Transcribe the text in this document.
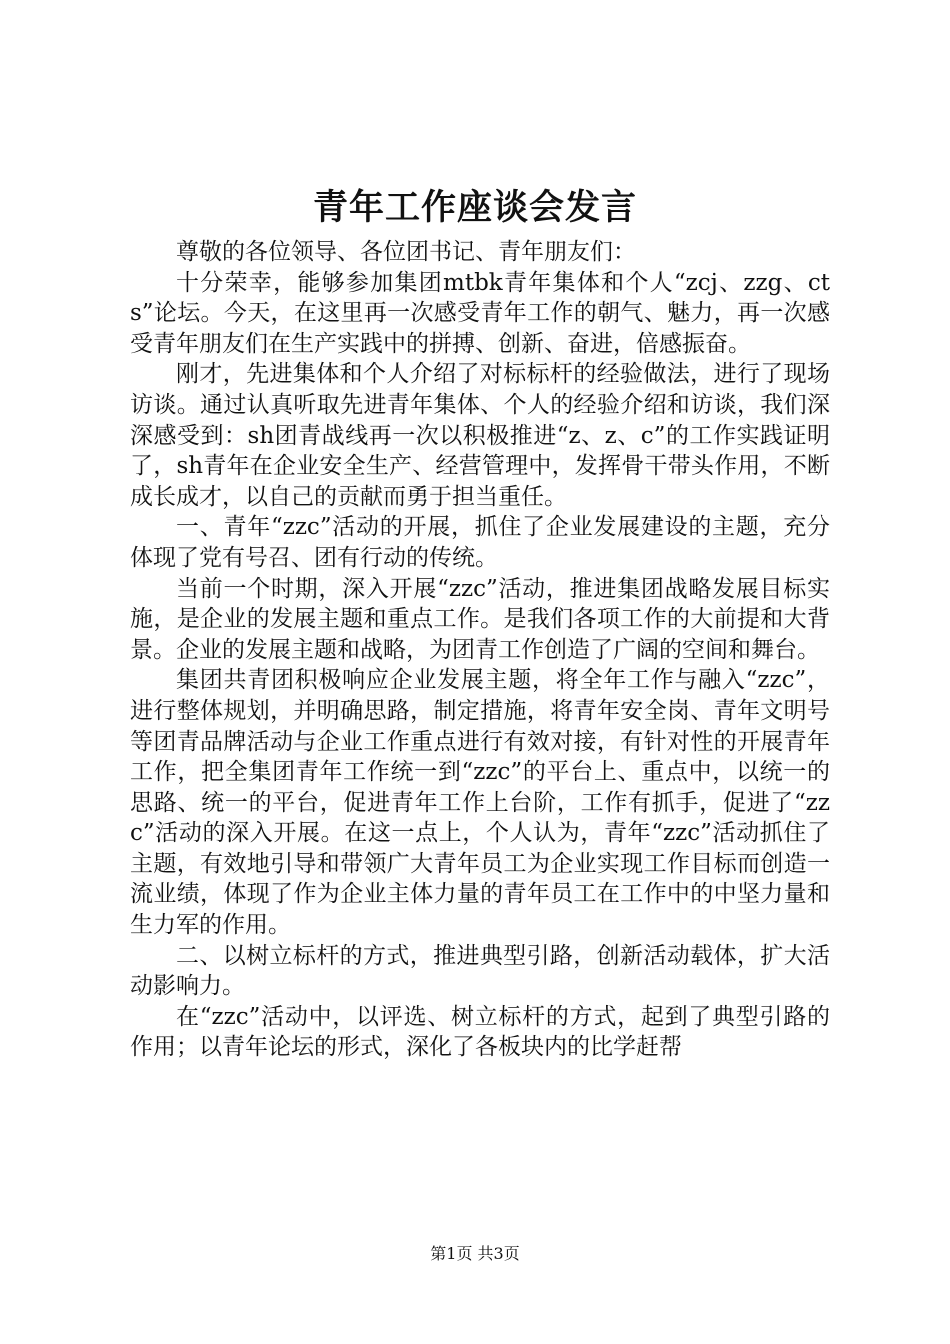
青年工作座谈会发言

尊敬的各位领导、各位团书记、青年朋友们：

十分荣幸，能够参加集团mtbk青年集体和个人“zcj、zzg、cts”论坛。今天，在这里再一次感受青年工作的朝气、魅力，再一次感受青年朋友们在生产实践中的拼搏、创新、奋进，倍感振奋。

刚才，先进集体和个人介绍了对标标杆的经验做法，进行了现场访谈。通过认真听取先进青年集体、个人的经验介绍和访谈，我们深深感受到：sh团青战线再一次以积极推进“z、z、c”的工作实践证明了，sh青年在企业安全生产、经营管理中，发挥骨干带头作用，不断成长成才，以自己的贡献而勇于担当重任。

一、青年“zzc”活动的开展，抓住了企业发展建设的主题，充分体现了党有号召、团有行动的传统。

当前一个时期，深入开展“zzc”活动，推进集团战略发展目标实施，是企业的发展主题和重点工作。是我们各项工作的大前提和大背景。企业的发展主题和战略，为团青工作创造了广阔的空间和舞台。

集团共青团积极响应企业发展主题，将全年工作与融入“zzc”，进行整体规划，并明确思路，制定措施，将青年安全岗、青年文明号等团青品牌活动与企业工作重点进行有效对接，有针对性的开展青年工作，把全集团青年工作统一到“zzc”的平台上、重点中，以统一的思路、统一的平台，促进青年工作上台阶，工作有抓手，促进了“zzc”活动的深入开展。在这一点上，个人认为，青年“zzc”活动抓住了主题，有效地引导和带领广大青年员工为企业实现工作目标而创造一流业绩，体现了作为企业主体力量的青年员工在工作中的中坚力量和生力军的作用。

二、以树立标杆的方式，推进典型引路，创新活动载体，扩大活动影响力。

在“zzc”活动中，以评选、树立标杆的方式，起到了典型引路的作用；以青年论坛的形式，深化了各板块内的比学赶帮

第1页 共3页
